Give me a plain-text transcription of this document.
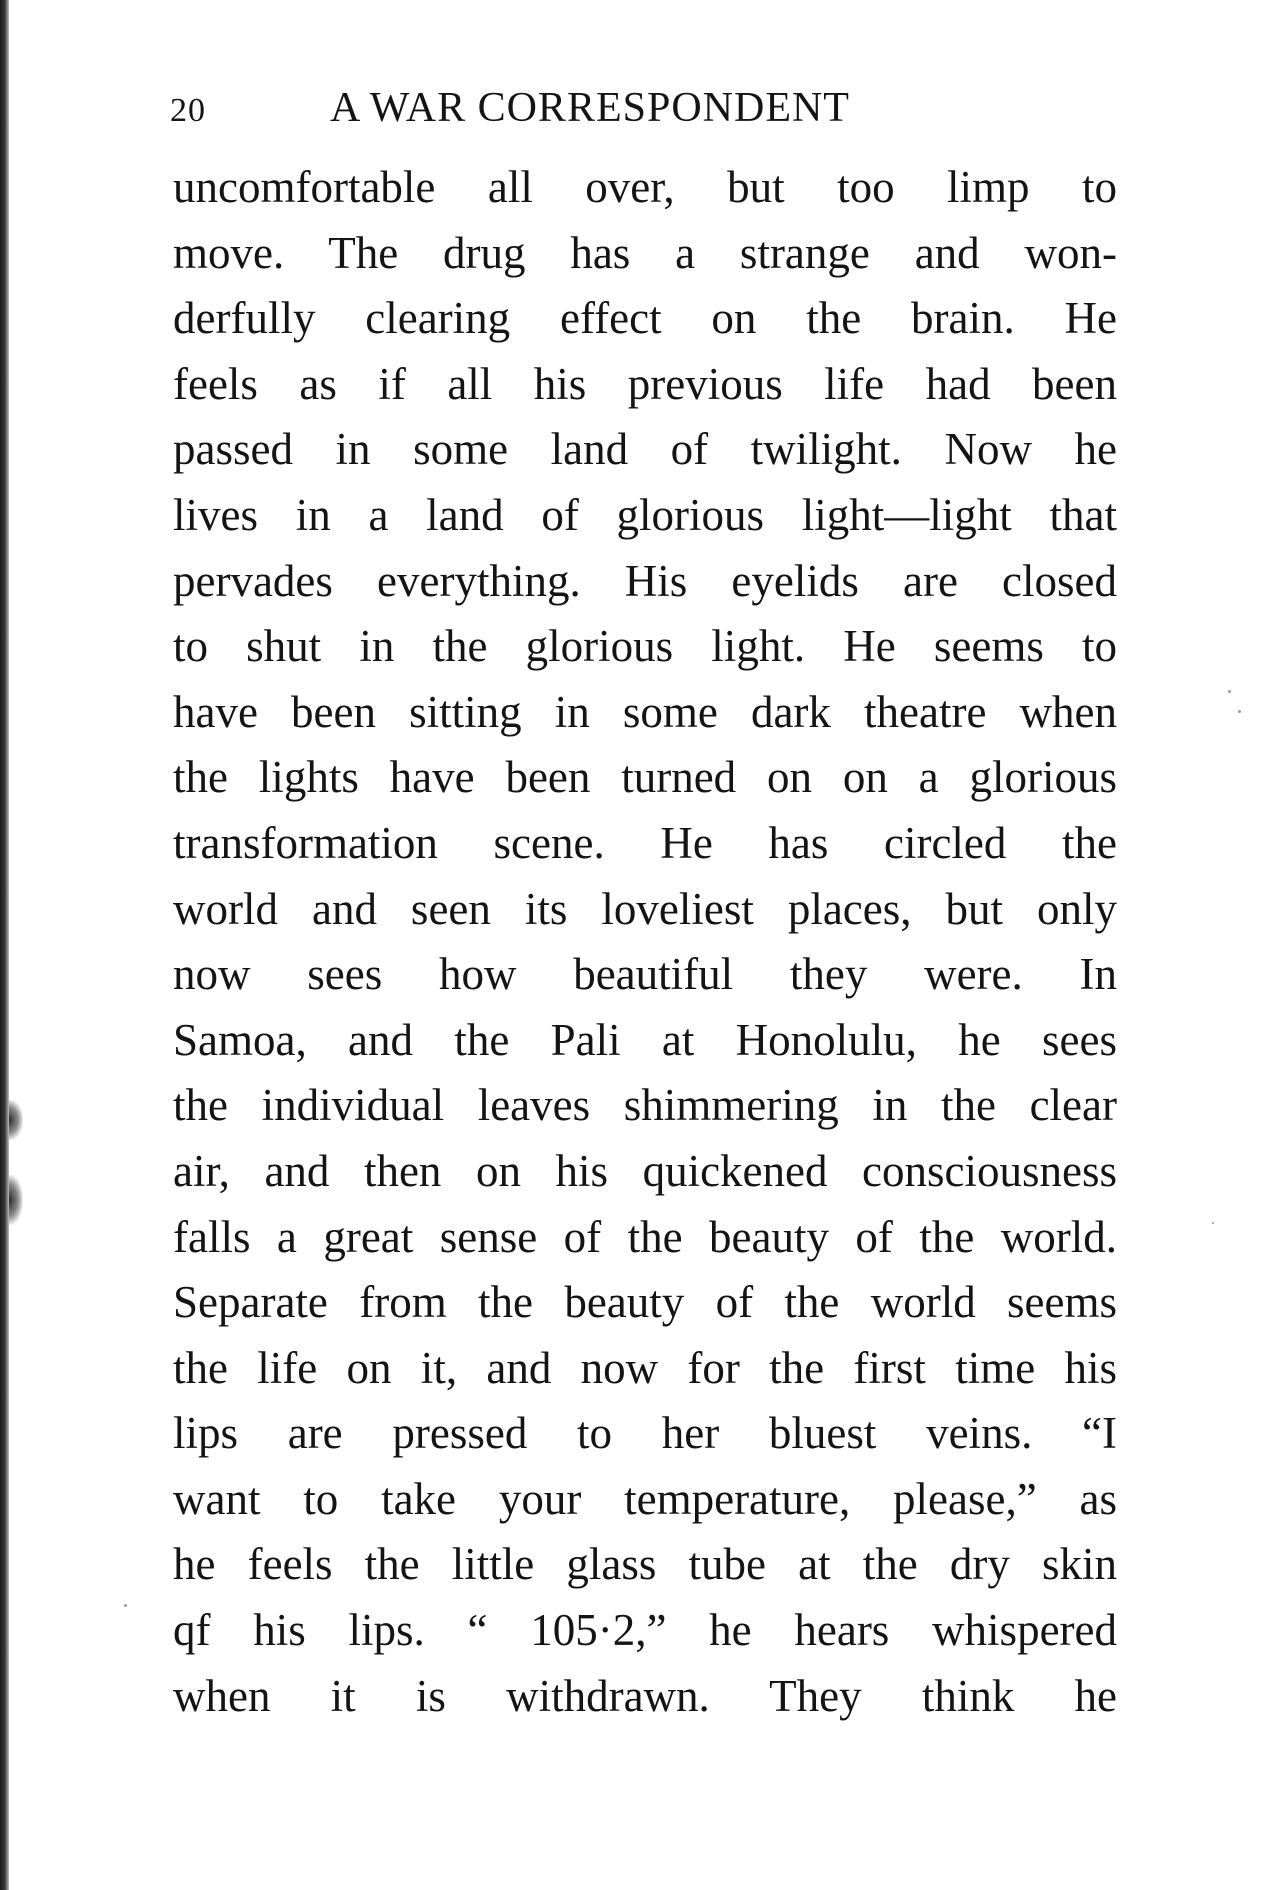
20	A WAR CORRESPONDENT
uncomfortable all over, but too limp to
move. The drug has a strange and won-
derfully clearing effect on the brain. He
feels as if all his previous life had been
passed in some land of twilight. Now he
lives in a land of glorious light—light that
pervades everything. His eyelids are closed
to shut in the glorious light. He seems to
have been sitting in some dark theatre when
the lights have been turned on on a glorious
transformation scene. He has circled the
world and seen its loveliest places, but only
now sees how beautiful they were. In
Samoa, and the Pali at Honolulu, he sees
the individual leaves shimmering in the clear
air, and then on his quickened consciousness
falls a great sense of the beauty of the world.
Separate from the beauty of the world seems
the life on it, and now for the first time his
lips are pressed to her bluest veins. “I
want to take your temperature, please,” as
he feels the little glass tube at the dry skin
qf his lips. “ 105·2,” he hears whispered
when it is withdrawn. They think he
